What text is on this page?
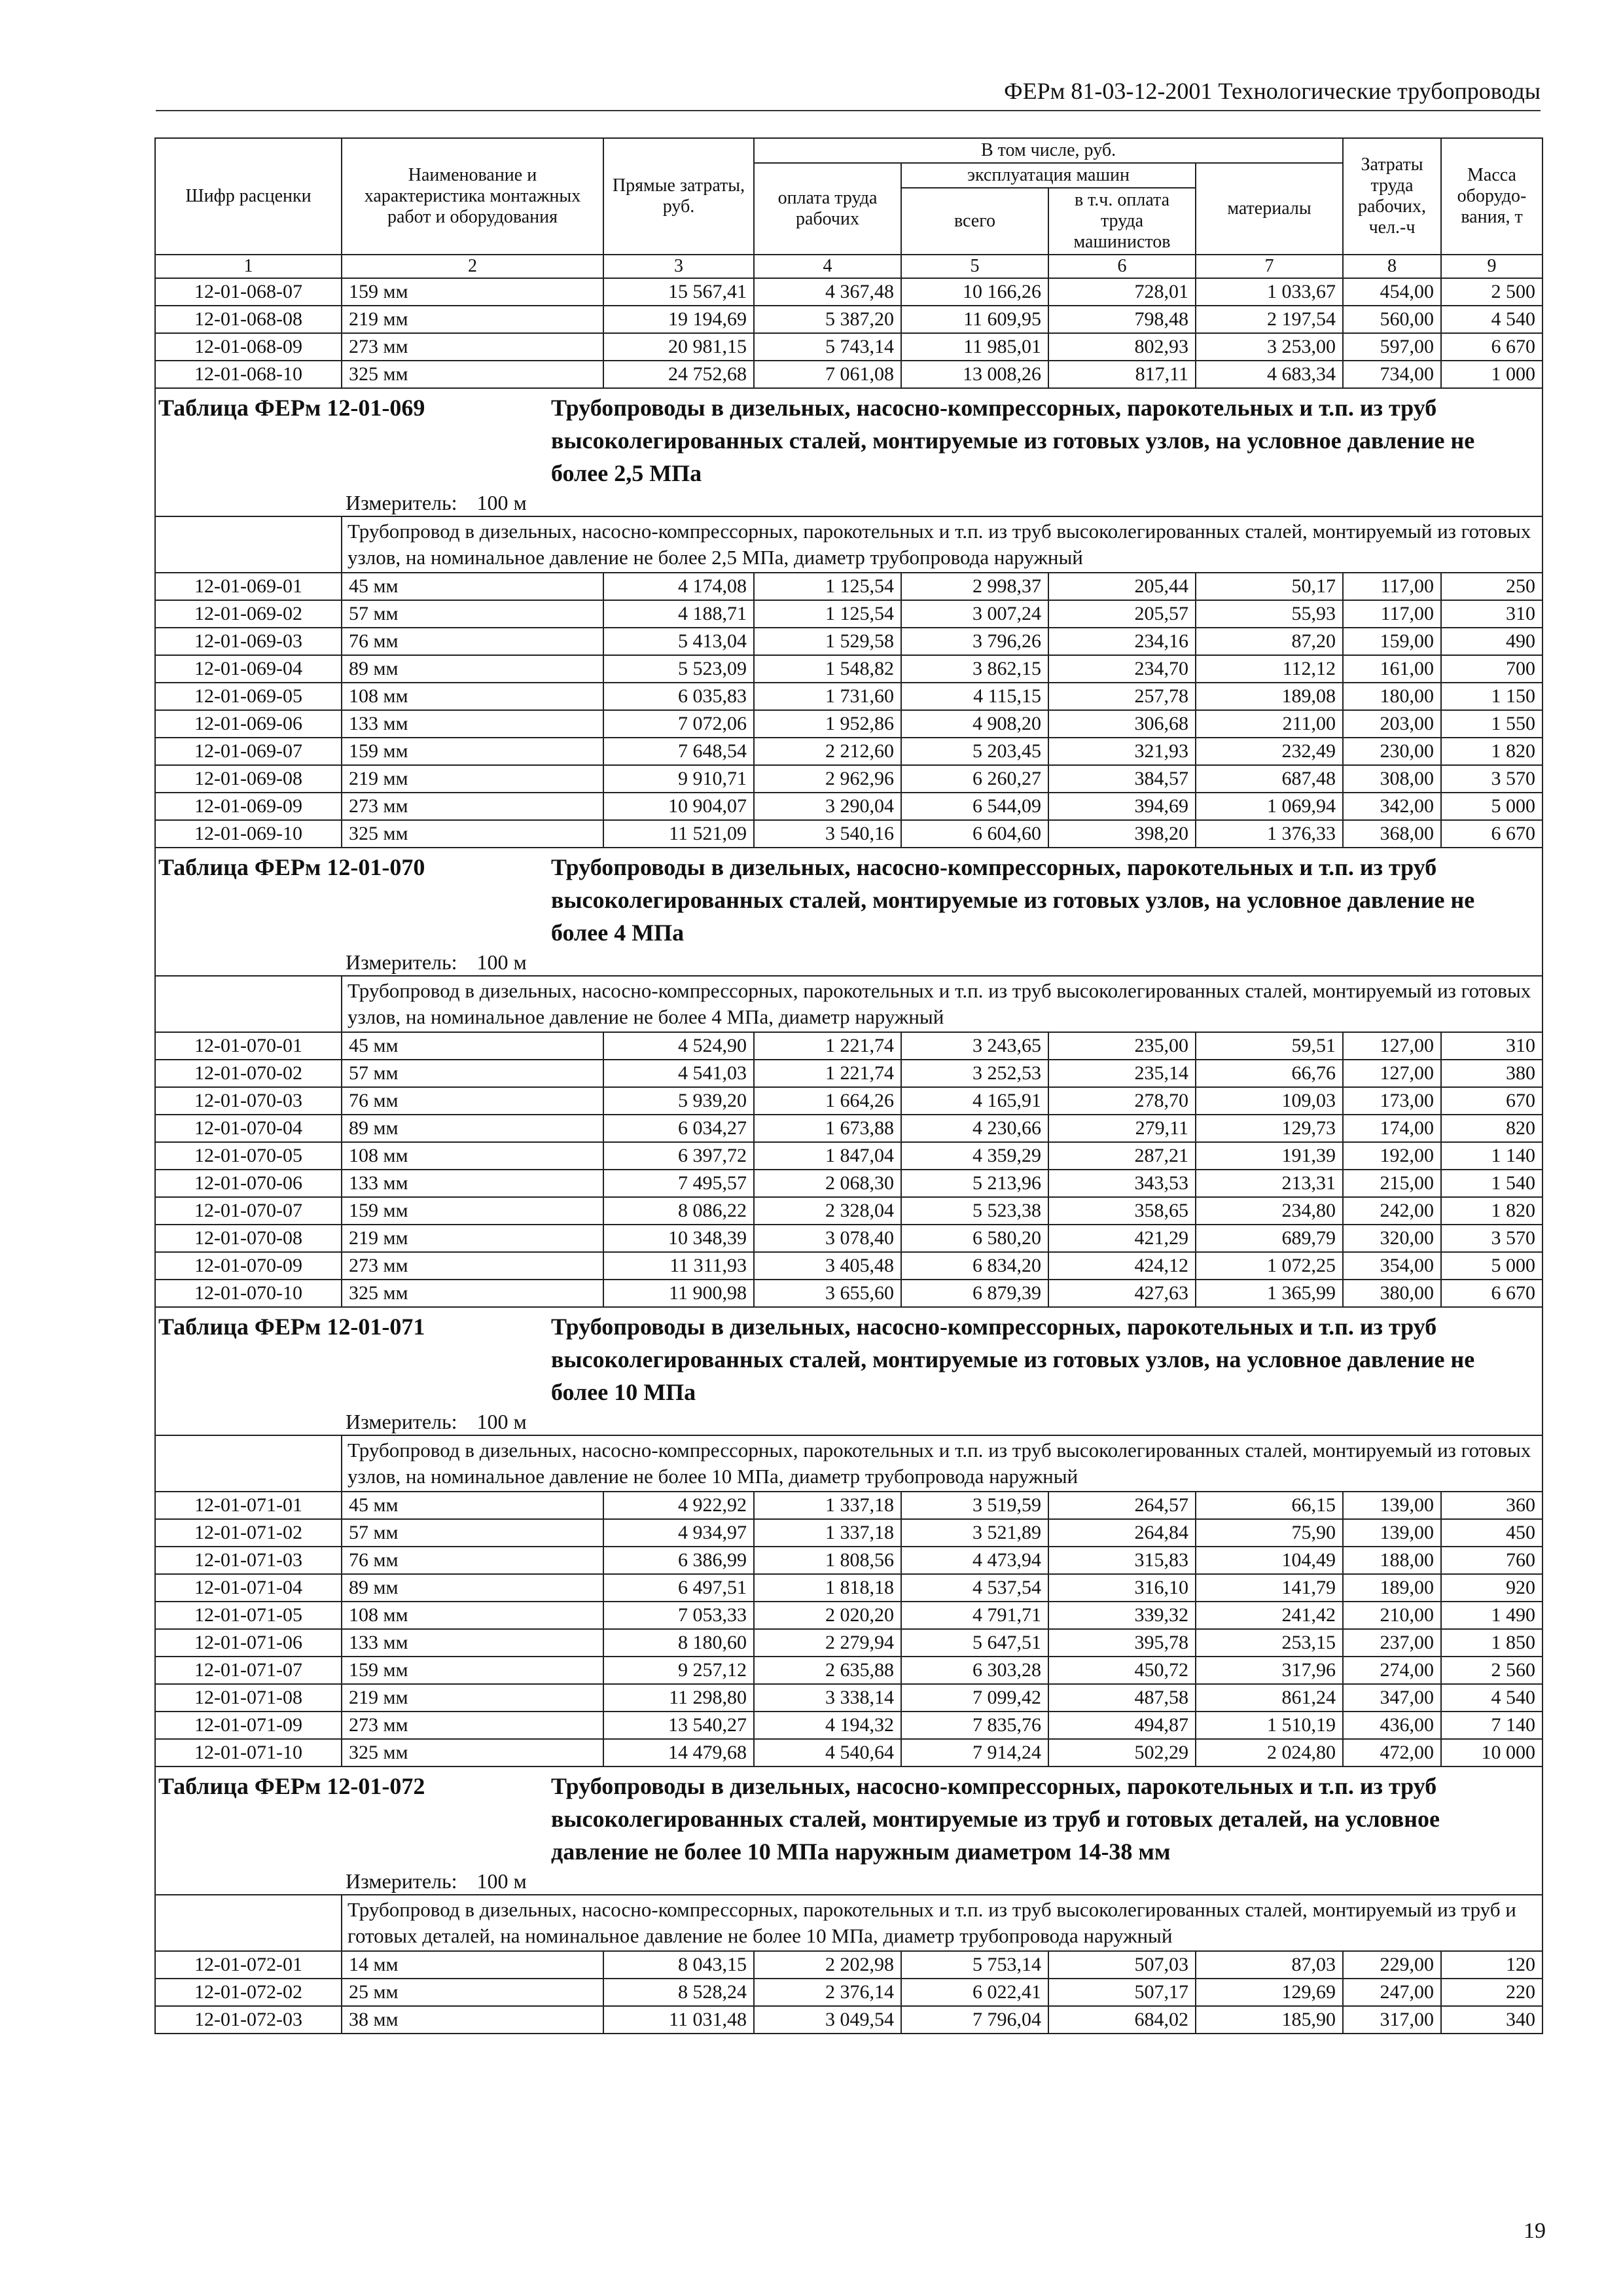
ФЕРм 81-03-12-2001 Технологические трубопроводы
Шифр расценки	Наименование и характеристика монтажных работ и оборудования	Прямые затраты, руб.	В том числе, руб.				Затраты труда рабочих, чел.-ч	Масса оборудо-вания, т
			оплата труда рабочих	эксплуатация машин		материалы		
				всего	в т.ч. оплата труда машинистов			
1	2	3	4	5	6	7	8	9
12-01-068-07	159 мм	15 567,41	4 367,48	10 166,26	728,01	1 033,67	454,00	2 500
12-01-068-08	219 мм	19 194,69	5 387,20	11 609,95	798,48	2 197,54	560,00	4 540
12-01-068-09	273 мм	20 981,15	5 743,14	11 985,01	802,93	3 253,00	597,00	6 670
12-01-068-10	325 мм	24 752,68	7 061,08	13 008,26	817,11	4 683,34	734,00	1 000

Таблица ФЕРм 12-01-069 Трубопроводы в дизельных, насосно-компрессорных, парокотельных и т.п. из труб высоколегированных сталей, монтируемые из готовых узлов, на условное давление не более 2,5 МПа
Измеритель: 100 м								

	Трубопровод в дизельных, насосно-компрессорных, парокотельных и т.п. из труб высоколегированных сталей, монтируемый из готовых узлов, на номинальное давление не более 2,5 МПа, диаметр трубопровода наружный							
12-01-069-01	45 мм	4 174,08	1 125,54	2 998,37	205,44	50,17	117,00	250
12-01-069-02	57 мм	4 188,71	1 125,54	3 007,24	205,57	55,93	117,00	310
12-01-069-03	76 мм	5 413,04	1 529,58	3 796,26	234,16	87,20	159,00	490
12-01-069-04	89 мм	5 523,09	1 548,82	3 862,15	234,70	112,12	161,00	700
12-01-069-05	108 мм	6 035,83	1 731,60	4 115,15	257,78	189,08	180,00	1 150
12-01-069-06	133 мм	7 072,06	1 952,86	4 908,20	306,68	211,00	203,00	1 550
12-01-069-07	159 мм	7 648,54	2 212,60	5 203,45	321,93	232,49	230,00	1 820
12-01-069-08	219 мм	9 910,71	2 962,96	6 260,27	384,57	687,48	308,00	3 570
12-01-069-09	273 мм	10 904,07	3 290,04	6 544,09	394,69	1 069,94	342,00	5 000
12-01-069-10	325 мм	11 521,09	3 540,16	6 604,60	398,20	1 376,33	368,00	6 670

Таблица ФЕРм 12-01-070 Трубопроводы в дизельных, насосно-компрессорных, парокотельных и т.п. из труб высоколегированных сталей, монтируемые из готовых узлов, на условное давление не более 4 МПа
Измеритель: 100 м								

	Трубопровод в дизельных, насосно-компрессорных, парокотельных и т.п. из труб высоколегированных сталей, монтируемый из готовых узлов, на номинальное давление не более 4 МПа, диаметр наружный							
12-01-070-01	45 мм	4 524,90	1 221,74	3 243,65	235,00	59,51	127,00	310
12-01-070-02	57 мм	4 541,03	1 221,74	3 252,53	235,14	66,76	127,00	380
12-01-070-03	76 мм	5 939,20	1 664,26	4 165,91	278,70	109,03	173,00	670
12-01-070-04	89 мм	6 034,27	1 673,88	4 230,66	279,11	129,73	174,00	820
12-01-070-05	108 мм	6 397,72	1 847,04	4 359,29	287,21	191,39	192,00	1 140
12-01-070-06	133 мм	7 495,57	2 068,30	5 213,96	343,53	213,31	215,00	1 540
12-01-070-07	159 мм	8 086,22	2 328,04	5 523,38	358,65	234,80	242,00	1 820
12-01-070-08	219 мм	10 348,39	3 078,40	6 580,20	421,29	689,79	320,00	3 570
12-01-070-09	273 мм	11 311,93	3 405,48	6 834,20	424,12	1 072,25	354,00	5 000
12-01-070-10	325 мм	11 900,98	3 655,60	6 879,39	427,63	1 365,99	380,00	6 670

Таблица ФЕРм 12-01-071 Трубопроводы в дизельных, насосно-компрессорных, парокотельных и т.п. из труб высоколегированных сталей, монтируемые из готовых узлов, на условное давление не более 10 МПа
Измеритель: 100 м								

	Трубопровод в дизельных, насосно-компрессорных, парокотельных и т.п. из труб высоколегированных сталей, монтируемый из готовых узлов, на номинальное давление не более 10 МПа, диаметр трубопровода наружный							
12-01-071-01	45 мм	4 922,92	1 337,18	3 519,59	264,57	66,15	139,00	360
12-01-071-02	57 мм	4 934,97	1 337,18	3 521,89	264,84	75,90	139,00	450
12-01-071-03	76 мм	6 386,99	1 808,56	4 473,94	315,83	104,49	188,00	760
12-01-071-04	89 мм	6 497,51	1 818,18	4 537,54	316,10	141,79	189,00	920
12-01-071-05	108 мм	7 053,33	2 020,20	4 791,71	339,32	241,42	210,00	1 490
12-01-071-06	133 мм	8 180,60	2 279,94	5 647,51	395,78	253,15	237,00	1 850
12-01-071-07	159 мм	9 257,12	2 635,88	6 303,28	450,72	317,96	274,00	2 560
12-01-071-08	219 мм	11 298,80	3 338,14	7 099,42	487,58	861,24	347,00	4 540
12-01-071-09	273 мм	13 540,27	4 194,32	7 835,76	494,87	1 510,19	436,00	7 140
12-01-071-10	325 мм	14 479,68	4 540,64	7 914,24	502,29	2 024,80	472,00	10 000

Таблица ФЕРм 12-01-072 Трубопроводы в дизельных, насосно-компрессорных, парокотельных и т.п. из труб высоколегированных сталей, монтируемые из труб и готовых деталей, на условное давление не более 10 МПа наружным диаметром 14-38 мм
Измеритель: 100 м								

	Трубопровод в дизельных, насосно-компрессорных, парокотельных и т.п. из труб высоколегированных сталей, монтируемый из труб и готовых деталей, на номинальное давление не более 10 МПа, диаметр трубопровода наружный							
12-01-072-01	14 мм	8 043,15	2 202,98	5 753,14	507,03	87,03	229,00	120
12-01-072-02	25 мм	8 528,24	2 376,14	6 022,41	507,17	129,69	247,00	220
12-01-072-03	38 мм	11 031,48	3 049,54	7 796,04	684,02	185,90	317,00	340
19
